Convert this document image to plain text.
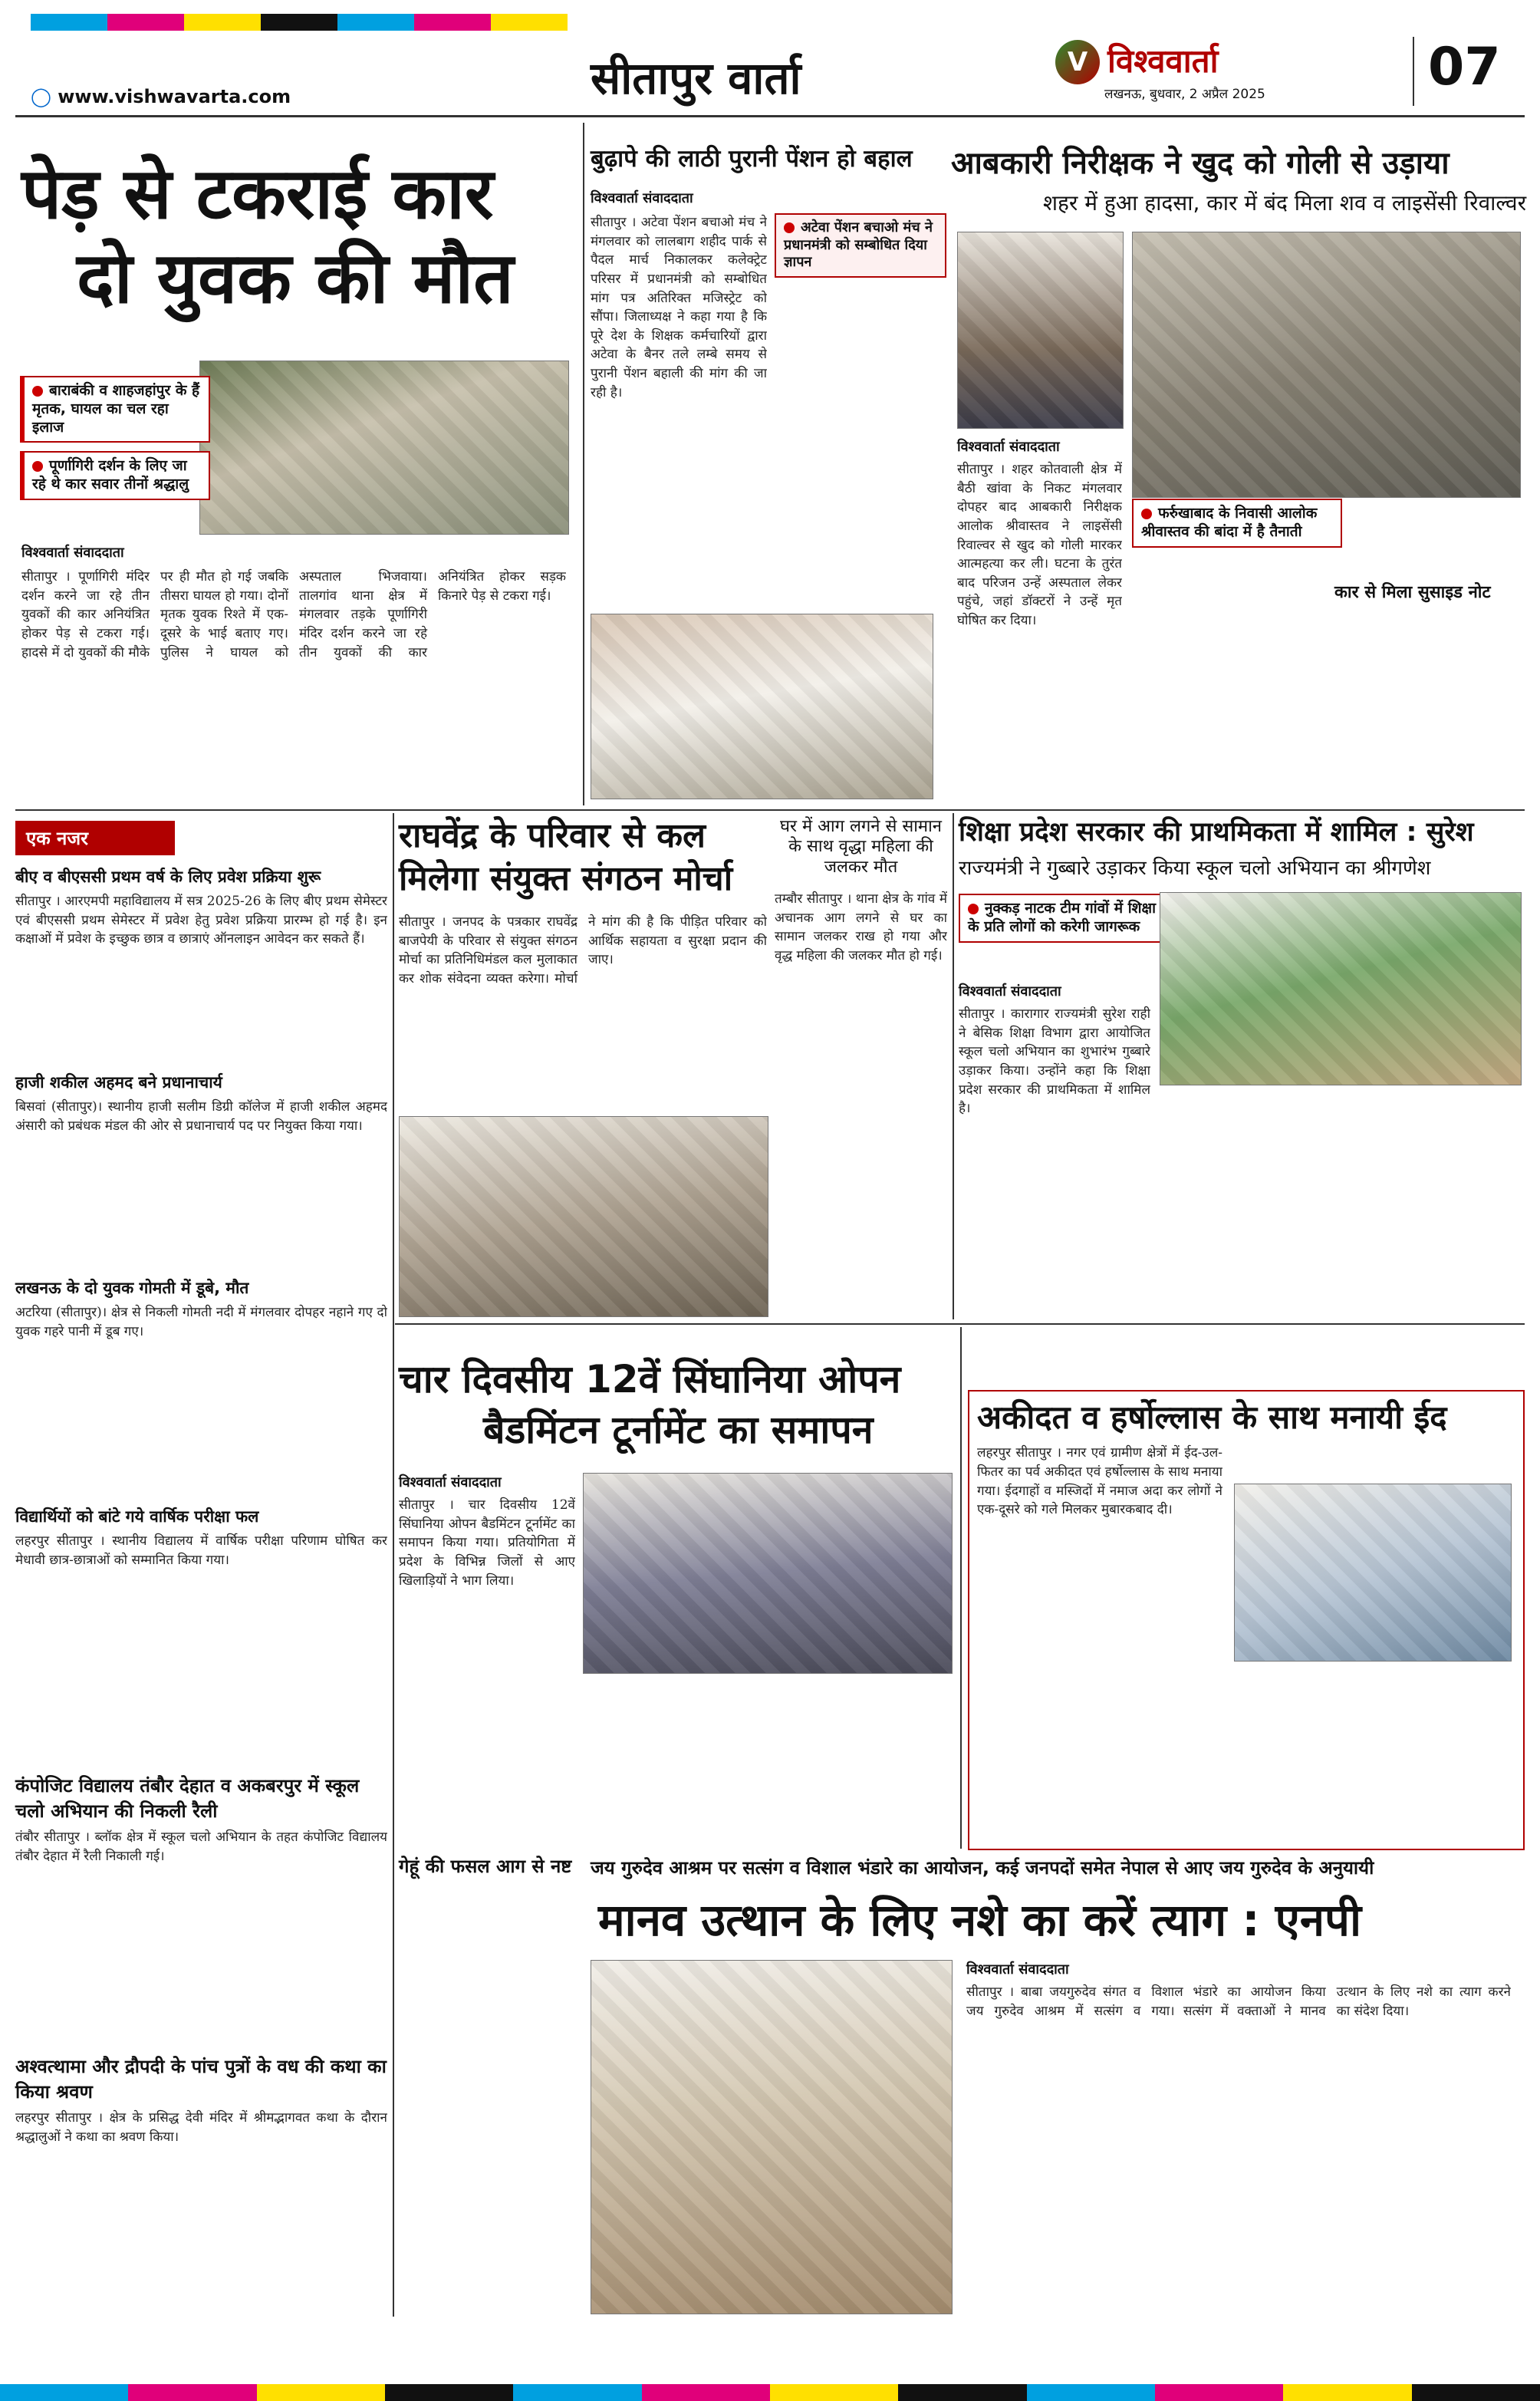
◯ www.vishwavarta.com	सीतापुर वार्ता	V विश्ववार्ता
लखनऊ, बुधवार, 2 अप्रैल 2025	07
पेड़ से टकराई कार
दो युवक की मौत
बाराबंकी व शाहजहांपुर के हैं मृतक, घायल का चल रहा इलाज
पूर्णागिरी दर्शन के लिए जा रहे थे कार सवार तीनों श्रद्धालु
विश्ववार्ता संवाददाता
सीतापुर । पूर्णागिरी मंदिर दर्शन करने जा रहे तीन युवकों की कार अनियंत्रित होकर पेड़ से टकरा गई। हादसे में दो युवकों की मौके पर ही मौत हो गई जबकि तीसरा घायल हो गया। दोनों मृतक युवक रिश्ते में एक-दूसरे के भाई बताए गए। पुलिस ने घायल को अस्पताल भिजवाया। तालगांव थाना क्षेत्र में मंगलवार तड़के पूर्णागिरी मंदिर दर्शन करने जा रहे तीन युवकों की कार अनियंत्रित होकर सड़क किनारे पेड़ से टकरा गई।
बुढ़ापे की लाठी पुरानी पेंशन हो बहाल
विश्ववार्ता संवाददाता
अटेवा पेंशन बचाओ मंच ने प्रधानमंत्री को सम्बोधित दिया ज्ञापन
सीतापुर । अटेवा पेंशन बचाओ मंच ने मंगलवार को लालबाग शहीद पार्क से पैदल मार्च निकालकर कलेक्ट्रेट परिसर में प्रधानमंत्री को सम्बोधित मांग पत्र अतिरिक्त मजिस्ट्रेट को सौंपा। जिलाध्यक्ष ने कहा गया है कि पूरे देश के शिक्षक कर्मचारियों द्वारा अटेवा के बैनर तले लम्बे समय से पुरानी पेंशन बहाली की मांग की जा रही है।
आबकारी निरीक्षक ने खुद को गोली से उड़ाया
शहर में हुआ हादसा, कार में बंद मिला शव व लाइसेंसी रिवाल्वर
फर्रुखाबाद के निवासी आलोक श्रीवास्तव की बांदा में है तैनाती
विश्ववार्ता संवाददाता
सीतापुर । शहर कोतवाली क्षेत्र में बैठी खांवा के निकट मंगलवार दोपहर बाद आबकारी निरीक्षक आलोक श्रीवास्तव ने लाइसेंसी रिवाल्वर से खुद को गोली मारकर आत्महत्या कर ली। घटना के तुरंत बाद परिजन उन्हें अस्पताल लेकर पहुंचे, जहां डॉक्टरों ने उन्हें मृत घोषित कर दिया।
कार से मिला सुसाइड नोट
एक नजर
बीए व बीएससी प्रथम वर्ष के लिए प्रवेश प्रक्रिया शुरू
सीतापुर । आरएमपी महाविद्यालय में सत्र 2025-26 के लिए बीए प्रथम सेमेस्टर एवं बीएससी प्रथम सेमेस्टर में प्रवेश हेतु प्रवेश प्रक्रिया प्रारम्भ हो गई है। इन कक्षाओं में प्रवेश के इच्छुक छात्र व छात्राएं ऑनलाइन आवेदन कर सकते हैं।
हाजी शकील अहमद बने प्रधानाचार्य
बिसवां (सीतापुर)। स्थानीय हाजी सलीम डिग्री कॉलेज में हाजी शकील अहमद अंसारी को प्रबंधक मंडल की ओर से प्रधानाचार्य पद पर नियुक्त किया गया।
लखनऊ के दो युवक गोमती में डूबे, मौत
अटरिया (सीतापुर)। क्षेत्र से निकली गोमती नदी में मंगलवार दोपहर नहाने गए दो युवक गहरे पानी में डूब गए।
विद्यार्थियों को बांटे गये वार्षिक परीक्षा फल
लहरपुर सीतापुर । स्थानीय विद्यालय में वार्षिक परीक्षा परिणाम घोषित कर मेधावी छात्र-छात्राओं को सम्मानित किया गया।
कंपोजिट विद्यालय तंबौर देहात व अकबरपुर में स्कूल चलो अभियान की निकली रैली
तंबौर सीतापुर । ब्लॉक क्षेत्र में स्कूल चलो अभियान के तहत कंपोजिट विद्यालय तंबौर देहात में रैली निकाली गई।
अश्वत्थामा और द्रौपदी के पांच पुत्रों के वध की कथा का किया श्रवण
लहरपुर सीतापुर । क्षेत्र के प्रसिद्ध देवी मंदिर में श्रीमद्भागवत कथा के दौरान श्रद्धालुओं ने कथा का श्रवण किया।
राघवेंद्र के परिवार से कल
मिलेगा संयुक्त संगठन मोर्चा
सीतापुर । जनपद के पत्रकार राघवेंद्र बाजपेयी के परिवार से संयुक्त संगठन मोर्चा का प्रतिनिधिमंडल कल मुलाकात कर शोक संवेदना व्यक्त करेगा। मोर्चा ने मांग की है कि पीड़ित परिवार को आर्थिक सहायता व सुरक्षा प्रदान की जाए।
घर में आग लगने से सामान के साथ वृद्धा महिला की जलकर मौत
तम्बौर सीतापुर । थाना क्षेत्र के गांव में अचानक आग लगने से घर का सामान जलकर राख हो गया और वृद्ध महिला की जलकर मौत हो गई।
शिक्षा प्रदेश सरकार की प्राथमिकता में शामिल : सुरेश
राज्यमंत्री ने गुब्बारे उड़ाकर किया स्कूल चलो अभियान का श्रीगणेश
नुक्कड़ नाटक टीम गांवों में शिक्षा के प्रति लोगों को करेगी जागरूक
विश्ववार्ता संवाददाता
सीतापुर । कारागार राज्यमंत्री सुरेश राही ने बेसिक शिक्षा विभाग द्वारा आयोजित स्कूल चलो अभियान का शुभारंभ गुब्बारे उड़ाकर किया। उन्होंने कहा कि शिक्षा प्रदेश सरकार की प्राथमिकता में शामिल है।
चार दिवसीय 12वें सिंघानिया ओपन
बैडमिंटन टूर्नामेंट का समापन
विश्ववार्ता संवाददाता
सीतापुर । चार दिवसीय 12वें सिंघानिया ओपन बैडमिंटन टूर्नामेंट का समापन किया गया। प्रतियोगिता में प्रदेश के विभिन्न जिलों से आए खिलाड़ियों ने भाग लिया।
गेहूं की फसल आग से नष्ट
अकीदत व हर्षोल्लास के साथ मनायी ईद
लहरपुर सीतापुर । नगर एवं ग्रामीण क्षेत्रों में ईद-उल-फितर का पर्व अकीदत एवं हर्षोल्लास के साथ मनाया गया। ईदगाहों व मस्जिदों में नमाज अदा कर लोगों ने एक-दूसरे को गले मिलकर मुबारकबाद दी।
जय गुरुदेव आश्रम पर सत्संग व विशाल भंडारे का आयोजन, कई जनपदों समेत नेपाल से आए जय गुरुदेव के अनुयायी
मानव उत्थान के लिए नशे का करें त्याग : एनपी
विश्ववार्ता संवाददाता
सीतापुर । बाबा जयगुरुदेव संगत व जय गुरुदेव आश्रम में सत्संग व विशाल भंडारे का आयोजन किया गया। सत्संग में वक्ताओं ने मानव उत्थान के लिए नशे का त्याग करने का संदेश दिया।
